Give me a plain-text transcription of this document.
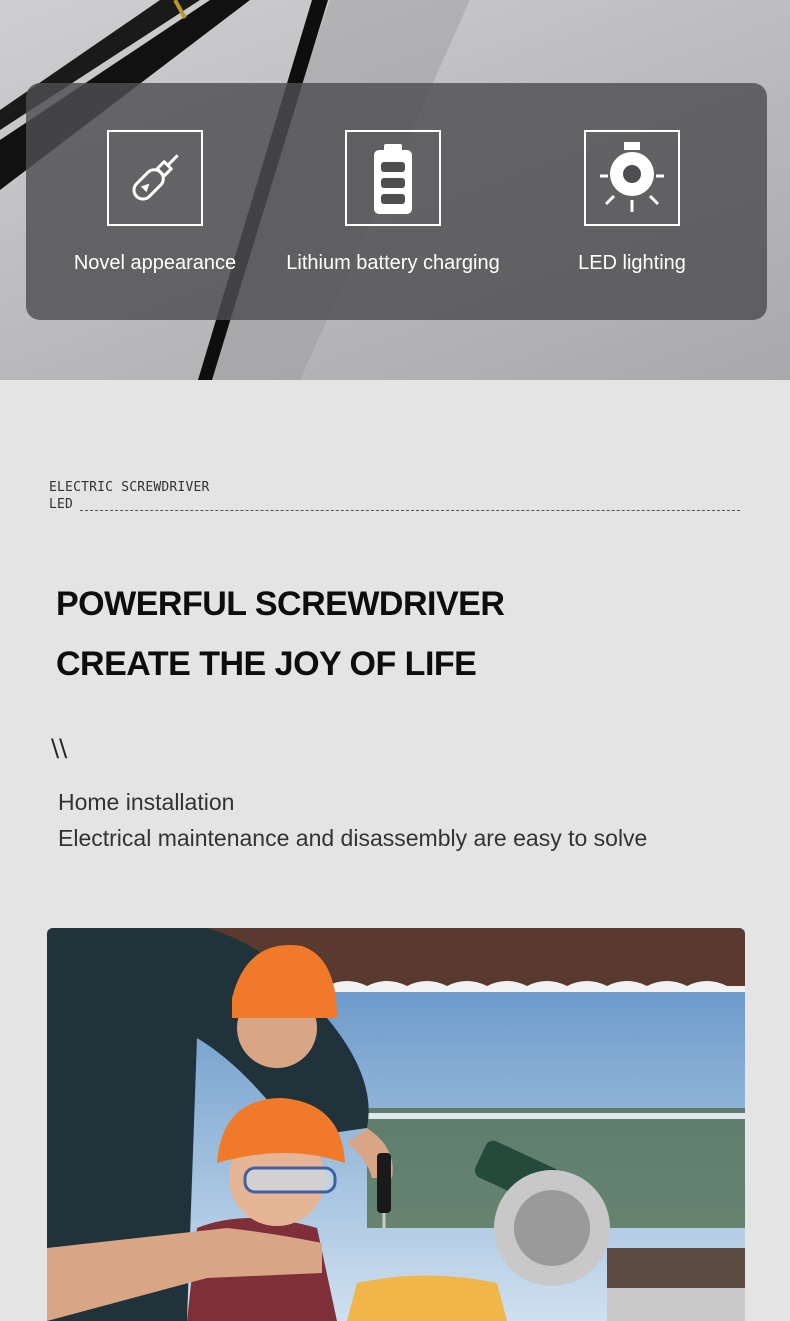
Novel appearance	Lithium battery charging	LED lighting
ELECTRIC SCREWDRIVER
LED
POWERFUL SCREWDRIVER
CREATE THE JOY OF LIFE
\\
Home installation
Electrical maintenance and disassembly are easy to solve
